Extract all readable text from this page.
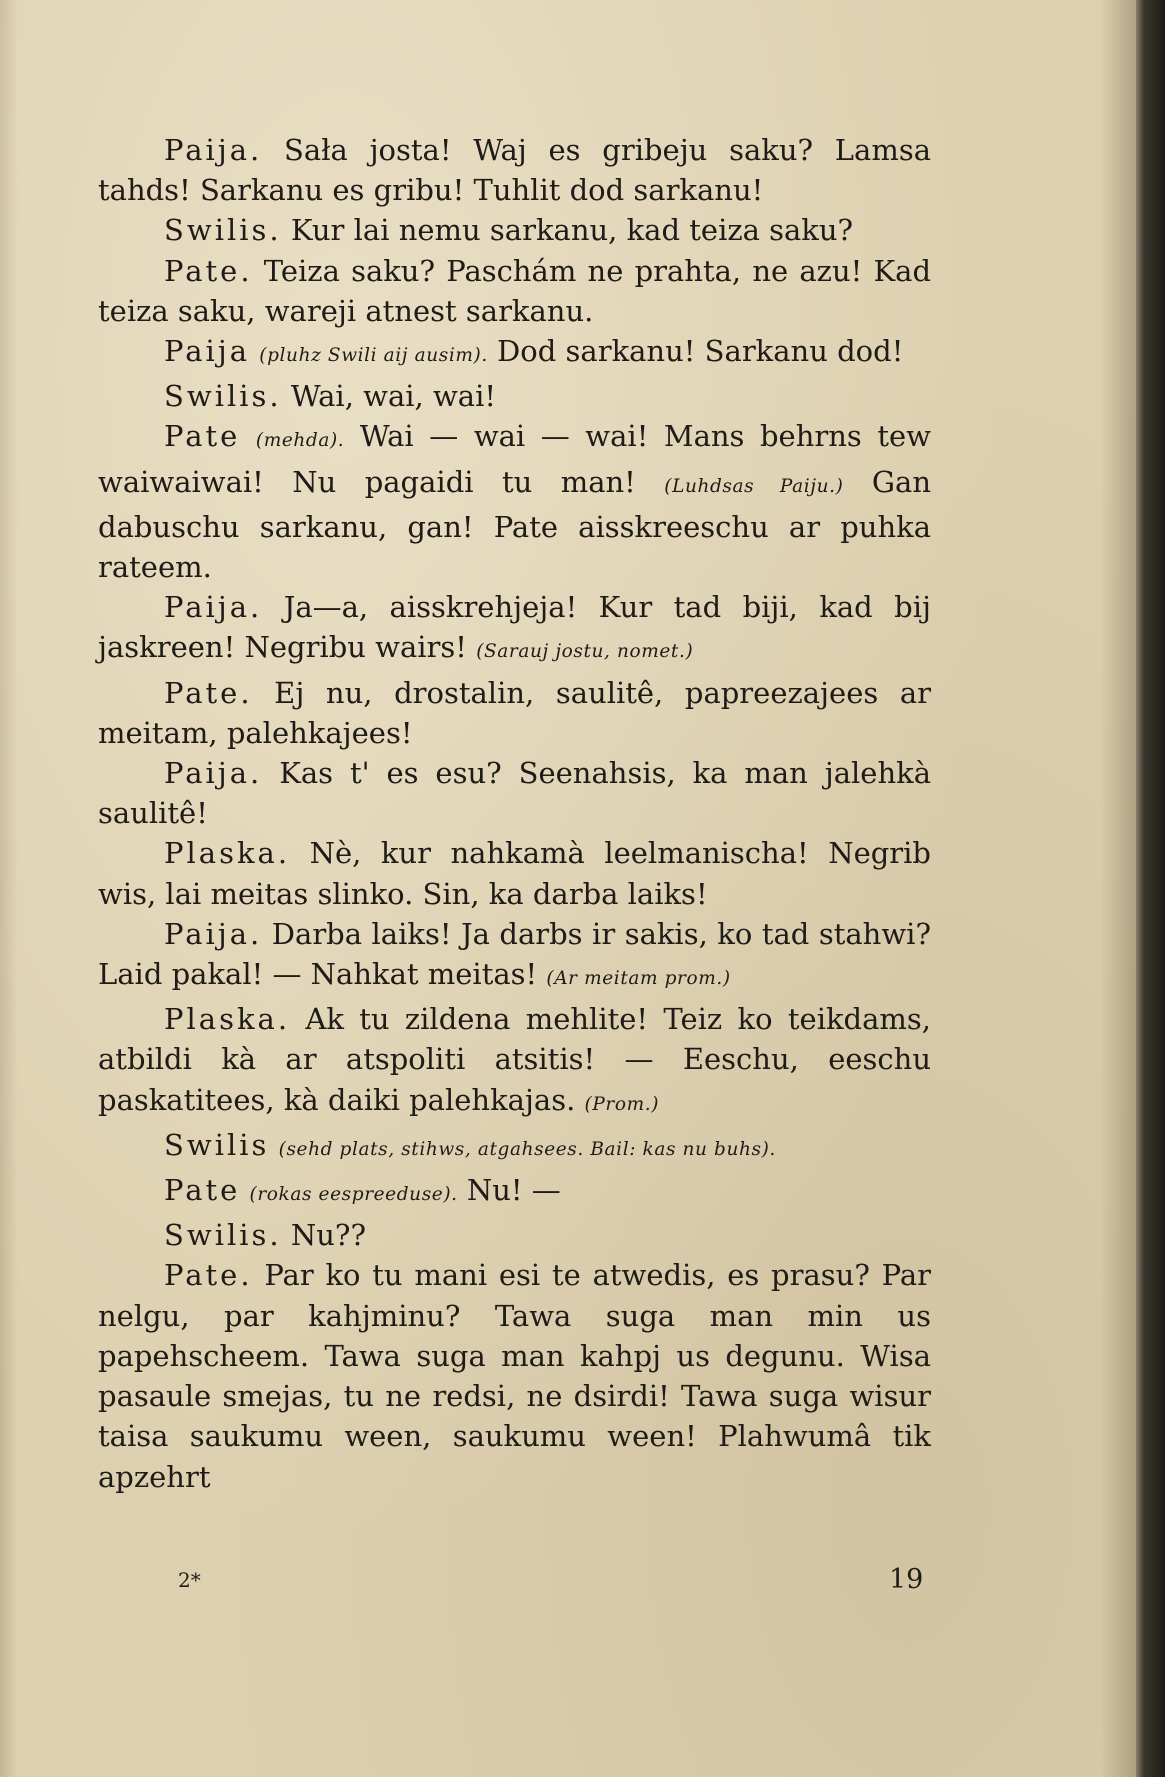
Paija. Sała josta! Waj es gribeju saku? Lamsa tahds! Sarkanu es gribu! Tuhlit dod sarkanu!

Swilis. Kur lai nemu sarkanu, kad teiza saku?

Pate. Teiza saku? Paschám ne prahta, ne azu! Kad teiza saku, wareji atnest sarkanu.

Paija (pluhz Swili aij ausim). Dod sarkanu! Sarkanu dod!

Swilis. Wai, wai, wai!

Pate (mehda). Wai — wai — wai! Mans behrns tew waiwaiwai! Nu pagaidi tu man! (Luhdsas Paiju.) Gan dabuschu sarkanu, gan! Pate aisskreeschu ar puhka rateem.

Paija. Ja—a, aisskrehjeja! Kur tad biji, kad bij jaskreen! Negribu wairs! (Sarauj jostu, nomet.)

Pate. Ej nu, drostalin, saulitê, papreezajees ar meitam, palehkajees!

Paija. Kas t' es esu? Seenahsis, ka man jalehkà saulitê!

Plaska. Nè, kur nahkamà leelmanischa! Negrib wis, lai meitas slinko. Sin, ka darba laiks!

Paija. Darba laiks! Ja darbs ir sakis, ko tad stahwi? Laid pakal! — Nahkat meitas! (Ar meitam prom.)

Plaska. Ak tu zildena mehlite! Teiz ko teikdams, atbildi kà ar atspoliti atsitis! — Eeschu, eeschu paskatitees, kà daiki palehkajas. (Prom.)

Swilis (sehd plats, stihws, atgahsees. Bail: kas nu buhs).

Pate (rokas eespreeduse). Nu! —

Swilis. Nu??

Pate. Par ko tu mani esi te atwedis, es prasu? Par nelgu, par kahjminu? Tawa suga man min us papehscheem. Tawa suga man kahpj us degunu. Wisa pasaule smejas, tu ne redsi, ne dsirdi! Tawa suga wisur taisa saukumu ween, saukumu ween! Plahwumâ tik apzehrt

2*	19
